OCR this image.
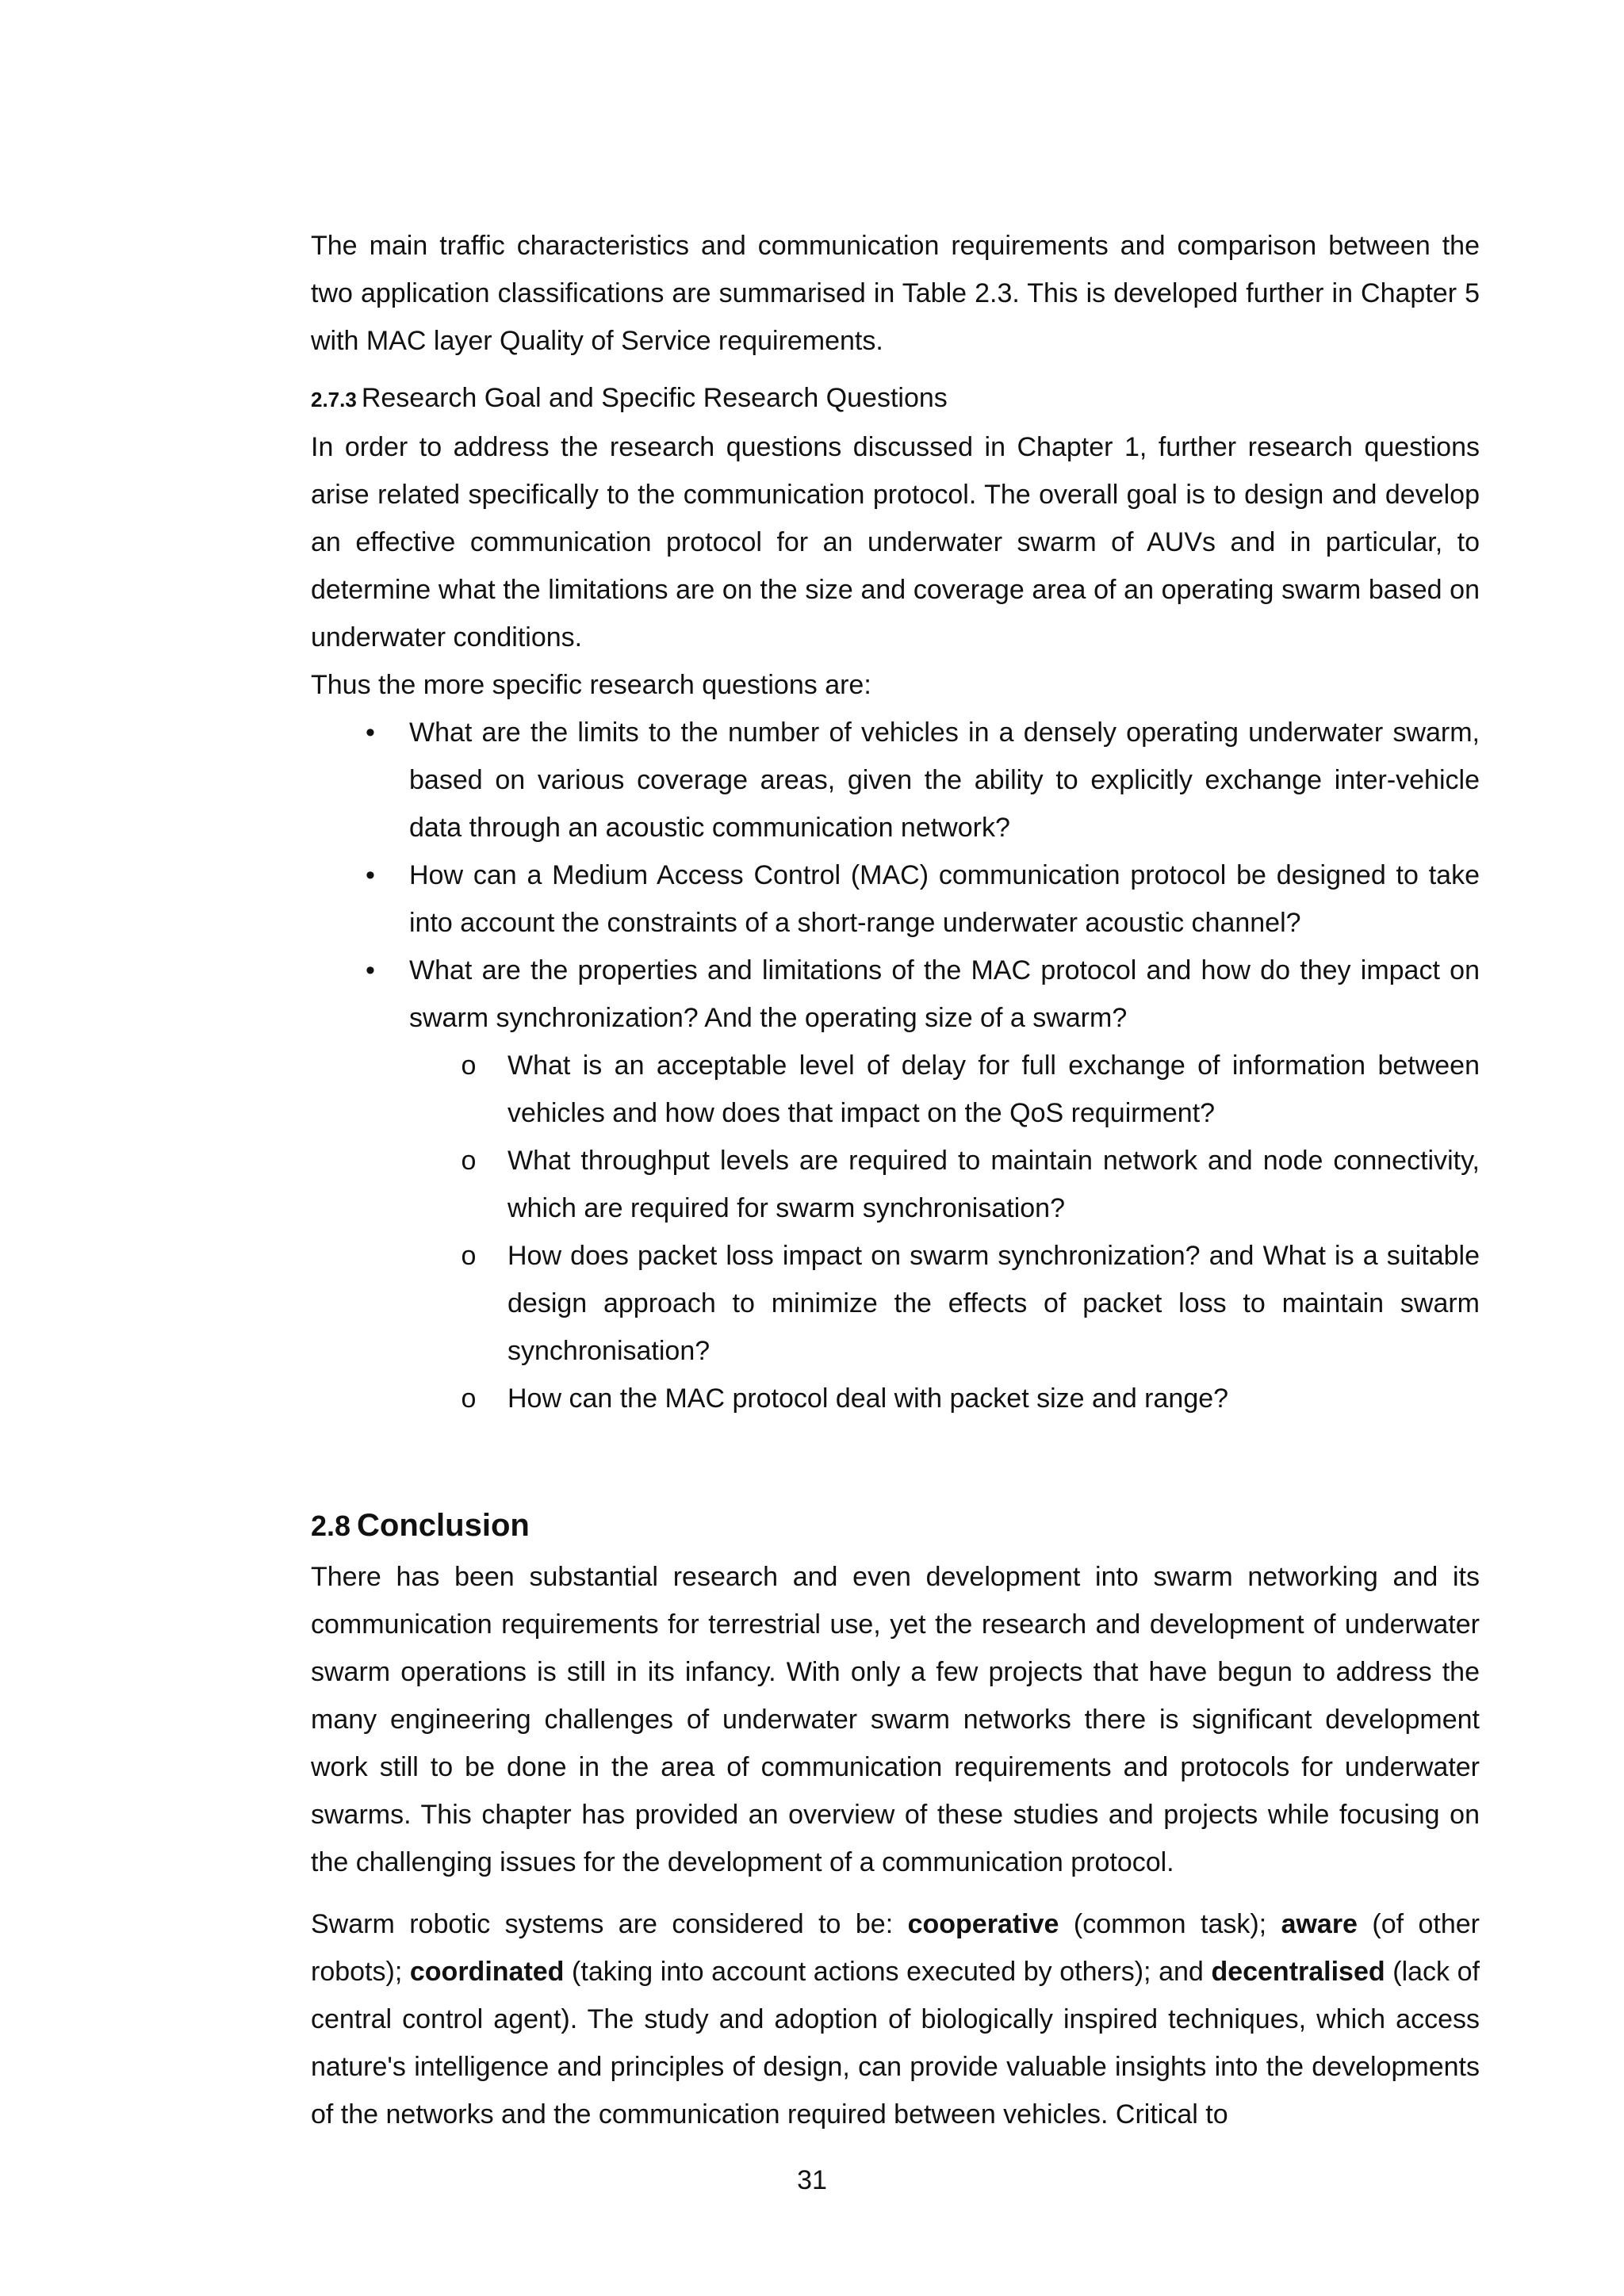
The main traffic characteristics and communication requirements and comparison between the two application classifications are summarised in Table 2.3. This is developed further in Chapter 5 with MAC layer Quality of Service requirements.

2.7.3 Research Goal and Specific Research Questions

In order to address the research questions discussed in Chapter 1, further research questions arise related specifically to the communication protocol. The overall goal is to design and develop an effective communication protocol for an underwater swarm of AUVs and in particular, to determine what the limitations are on the size and coverage area of an operating swarm based on underwater conditions.

Thus the more specific research questions are:

• What are the limits to the number of vehicles in a densely operating underwater swarm, based on various coverage areas, given the ability to explicitly exchange inter-vehicle data through an acoustic communication network?
• How can a Medium Access Control (MAC) communication protocol be designed to take into account the constraints of a short-range underwater acoustic channel?
• What are the properties and limitations of the MAC protocol and how do they impact on swarm synchronization? And the operating size of a swarm?
o What is an acceptable level of delay for full exchange of information between vehicles and how does that impact on the QoS requirment?
o What throughput levels are required to maintain network and node connectivity, which are required for swarm synchronisation?
o How does packet loss impact on swarm synchronization? and What is a suitable design approach to minimize the effects of packet loss to maintain swarm synchronisation?
o How can the MAC protocol deal with packet size and range?
2.8 Conclusion

There has been substantial research and even development into swarm networking and its communication requirements for terrestrial use, yet the research and development of underwater swarm operations is still in its infancy. With only a few projects that have begun to address the many engineering challenges of underwater swarm networks there is significant development work still to be done in the area of communication requirements and protocols for underwater swarms. This chapter has provided an overview of these studies and projects while focusing on the challenging issues for the development of a communication protocol.

Swarm robotic systems are considered to be: cooperative (common task); aware (of other robots); coordinated (taking into account actions executed by others); and decentralised (lack of central control agent). The study and adoption of biologically inspired techniques, which access nature's intelligence and principles of design, can provide valuable insights into the developments of the networks and the communication required between vehicles. Critical to

31
